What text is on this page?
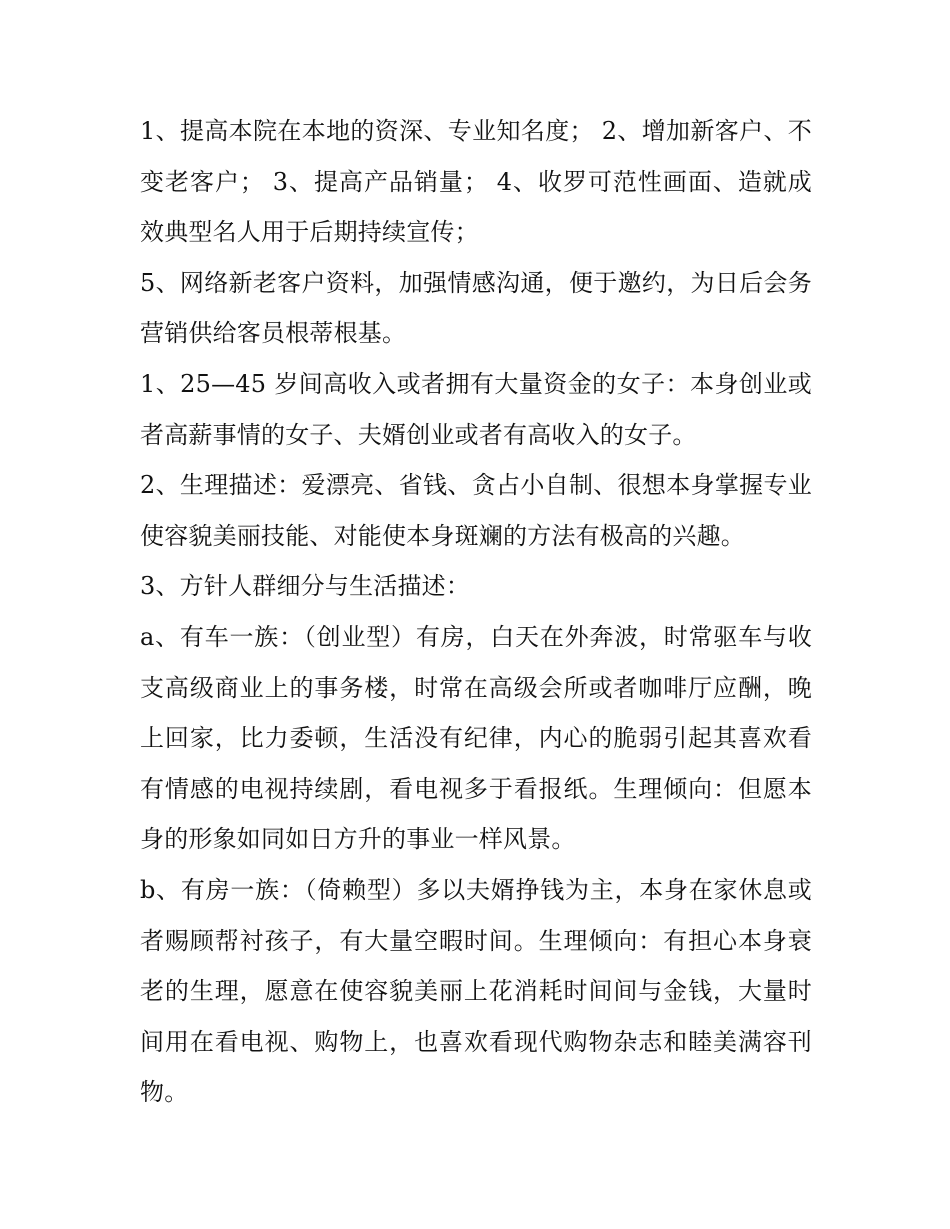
1、提高本院在本地的资深、专业知名度； 2、增加新客户、不变老客户； 3、提高产品销量； 4、收罗可范性画面、造就成效典型名人用于后期持续宣传；

5、网络新老客户资料，加强情感沟通，便于邀约，为日后会务营销供给客员根蒂根基。

1、25—45 岁间高收入或者拥有大量资金的女子：本身创业或者高薪事情的女子、夫婿创业或者有高收入的女子。

2、生理描述：爱漂亮、省钱、贪占小自制、很想本身掌握专业使容貌美丽技能、对能使本身斑斓的方法有极高的兴趣。

3、方针人群细分与生活描述：

a、有车一族：（创业型）有房，白天在外奔波，时常驱车与收支高级商业上的事务楼，时常在高级会所或者咖啡厅应酬，晚上回家，比力委顿，生活没有纪律，内心的脆弱引起其喜欢看有情感的电视持续剧，看电视多于看报纸。生理倾向：但愿本身的形象如同如日方升的事业一样风景。

b、有房一族：（倚赖型）多以夫婿挣钱为主，本身在家休息或者赐顾帮衬孩子，有大量空暇时间。生理倾向：有担心本身衰老的生理，愿意在使容貌美丽上花消耗时间间与金钱，大量时间用在看电视、购物上，也喜欢看现代购物杂志和睦美满容刊物。
